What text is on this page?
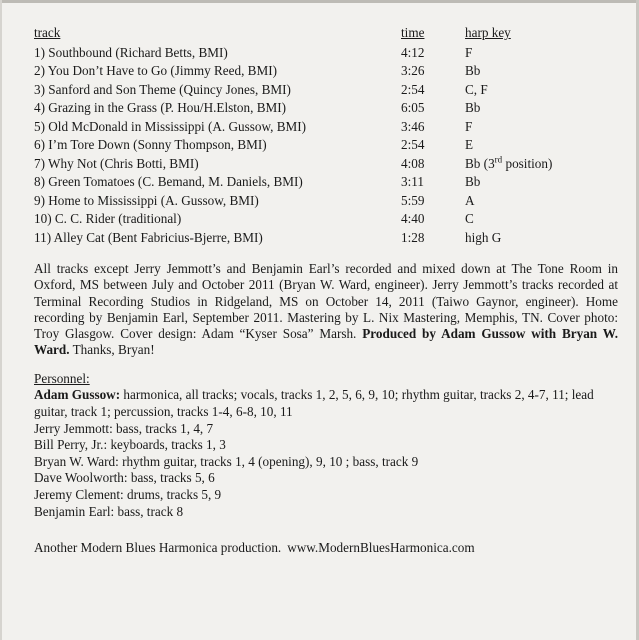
track	time	harp key
1) Southbound (Richard Betts, BMI)	4:12	F
2) You Don’t Have to Go (Jimmy Reed, BMI)	3:26	Bb
3) Sanford and Son Theme (Quincy Jones, BMI)	2:54	C, F
4) Grazing in the Grass (P. Hou/H.Elston, BMI)	6:05	Bb
5) Old McDonald in Mississippi (A. Gussow, BMI)	3:46	F
6) I’m Tore Down (Sonny Thompson, BMI)	2:54	E
7) Why Not (Chris Botti, BMI)	4:08	Bb (3rd position)
8) Green Tomatoes (C. Bemand, M. Daniels, BMI)	3:11	Bb
9) Home to Mississippi (A. Gussow, BMI)	5:59	A
10) C. C. Rider (traditional)	4:40	C
11) Alley Cat (Bent Fabricius-Bjerre, BMI)	1:28	high G
All tracks except Jerry Jemmott’s and Benjamin Earl’s recorded and mixed down at The Tone Room in Oxford, MS between July and October 2011 (Bryan W. Ward, engineer). Jerry Jemmott’s tracks recorded at Terminal Recording Studios in Ridgeland, MS on October 14, 2011 (Taiwo Gaynor, engineer). Home recording by Benjamin Earl, September 2011. Mastering by L. Nix Mastering, Memphis, TN. Cover photo: Troy Glasgow. Cover design: Adam “Kyser Sosa” Marsh. Produced by Adam Gussow with Bryan W. Ward. Thanks, Bryan!
Personnel:
Adam Gussow: harmonica, all tracks; vocals, tracks 1, 2, 5, 6, 9, 10; rhythm guitar, tracks 2, 4-7, 11; lead guitar, track 1; percussion, tracks 1-4, 6-8, 10, 11
Jerry Jemmott: bass, tracks 1, 4, 7
Bill Perry, Jr.: keyboards, tracks 1, 3
Bryan W. Ward: rhythm guitar, tracks 1, 4 (opening), 9, 10 ; bass, track 9
Dave Woolworth: bass, tracks 5, 6
Jeremy Clement: drums, tracks 5, 9
Benjamin Earl: bass, track 8
Another Modern Blues Harmonica production. www.ModernBluesHarmonica.com
